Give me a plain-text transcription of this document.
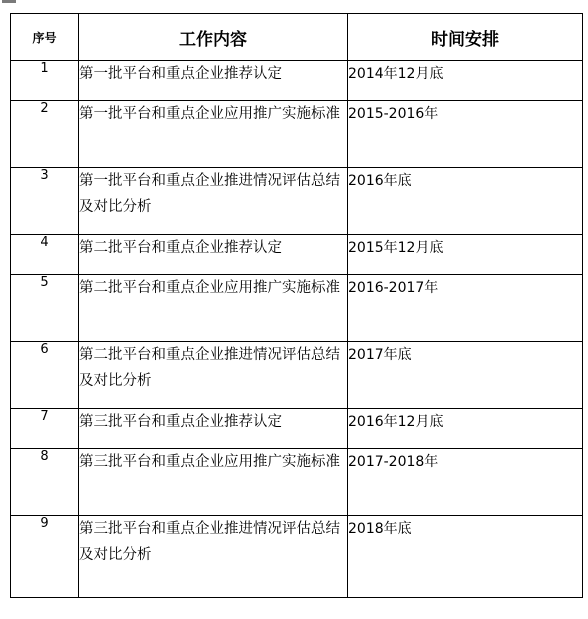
序号	工作内容	时间安排
1	第一批平台和重点企业推荐认定	2014年12月底
2	第一批平台和重点企业应用推广实施标准	2015-2016年
3	第一批平台和重点企业推进情况评估总结及对比分析	2016年底
4	第二批平台和重点企业推荐认定	2015年12月底
5	第二批平台和重点企业应用推广实施标准	2016-2017年
6	第二批平台和重点企业推进情况评估总结及对比分析	2017年底
7	第三批平台和重点企业推荐认定	2016年12月底
8	第三批平台和重点企业应用推广实施标准	2017-2018年
9	第三批平台和重点企业推进情况评估总结及对比分析	2018年底
